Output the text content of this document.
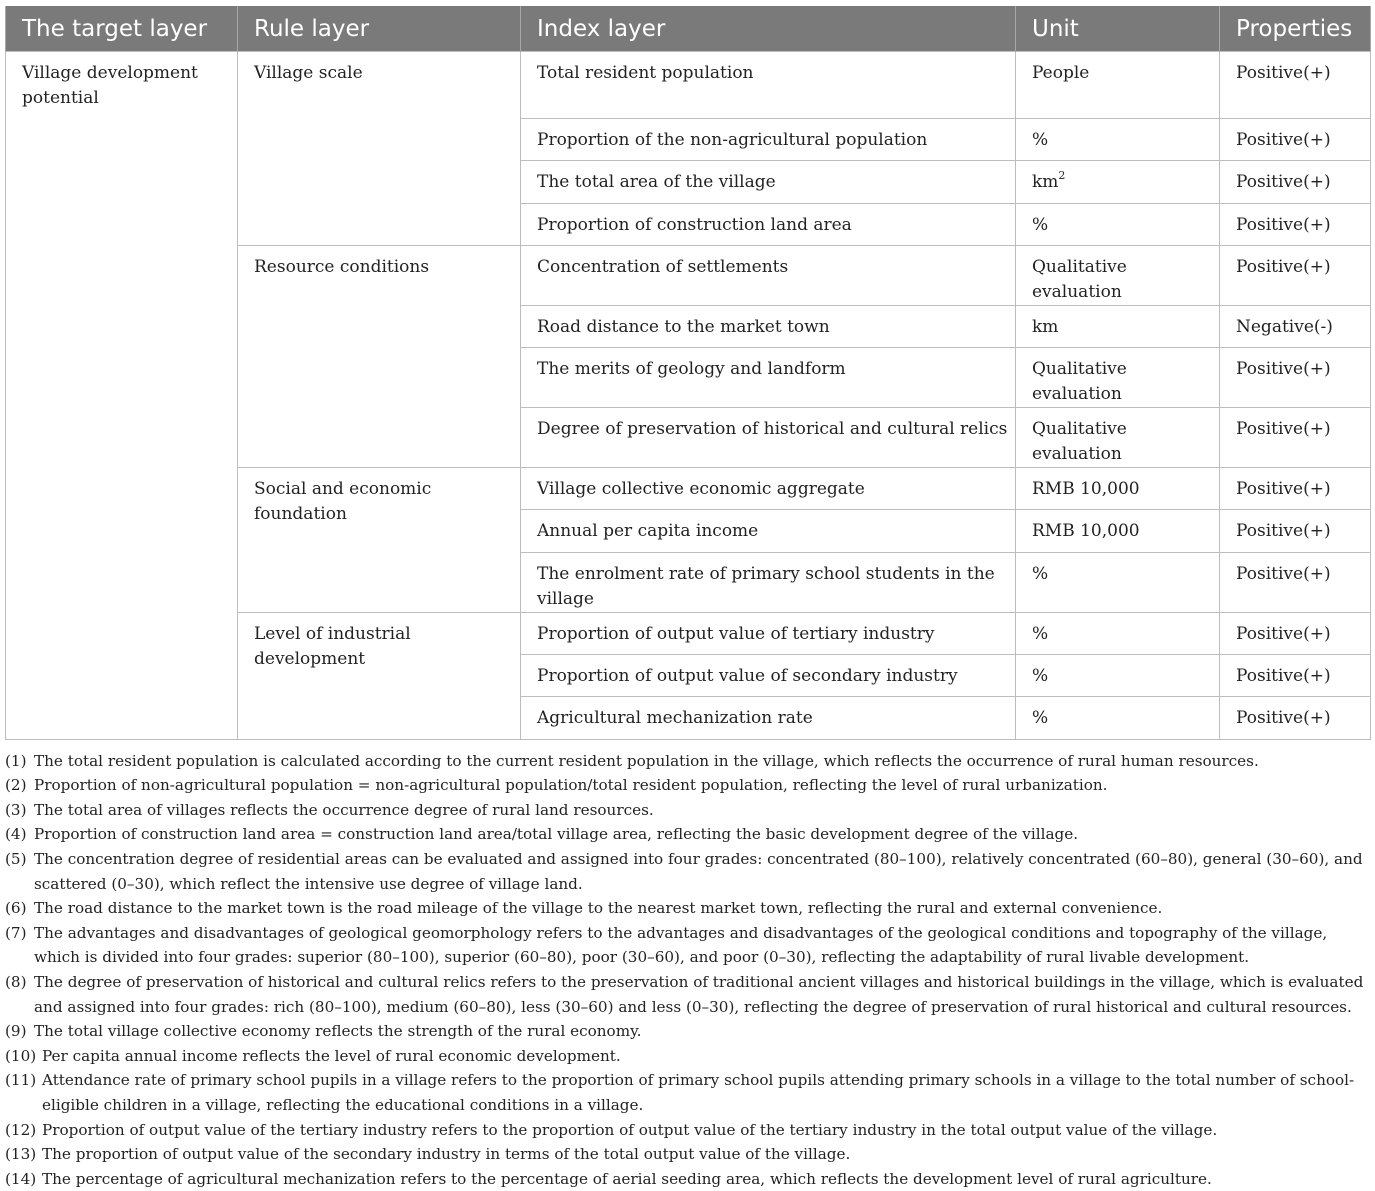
The target layer	Rule layer	Index layer	Unit	Properties
Village development potential	Village scale	Total resident population	People	Positive(+)
		Proportion of the non-agricultural population	%	Positive(+)
		The total area of the village	$km^2$	Positive(+)
		Proportion of construction land area	%	Positive(+)
	Resource conditions	Concentration of settlements	Qualitative evaluation	Positive(+)
		Road distance to the market town	km	Negative(-)
		The merits of geology and landform	Qualitative evaluation	Positive(+)
		Degree of preservation of historical and cultural relics	Qualitative evaluation	Positive(+)
	Social and economic foundation	Village collective economic aggregate	RMB 10,000	Positive(+)
		Annual per capita income	RMB 10,000	Positive(+)
		The enrolment rate of primary school students in the village	%	Positive(+)
	Level of industrial development	Proportion of output value of tertiary industry	%	Positive(+)
		Proportion of output value of secondary industry	%	Positive(+)
		Agricultural mechanization rate	%	Positive(+)
(1) The total resident population is calculated according to the current resident population in the village, which reflects the occurrence of rural human resources.
(2) Proportion of non-agricultural population = non-agricultural population/total resident population, reflecting the level of rural urbanization.
(3) The total area of villages reflects the occurrence degree of rural land resources.
(4) Proportion of construction land area = construction land area/total village area, reflecting the basic development degree of the village.
(5) The concentration degree of residential areas can be evaluated and assigned into four grades: concentrated (80–100), relatively concentrated (60–80), general (30–60), and scattered (0–30), which reflect the intensive use degree of village land.
(6) The road distance to the market town is the road mileage of the village to the nearest market town, reflecting the rural and external convenience.
(7) The advantages and disadvantages of geological geomorphology refers to the advantages and disadvantages of the geological conditions and topography of the village, which is divided into four grades: superior (80–100), superior (60–80), poor (30–60), and poor (0–30), reflecting the adaptability of rural livable development.
(8) The degree of preservation of historical and cultural relics refers to the preservation of traditional ancient villages and historical buildings in the village, which is evaluated and assigned into four grades: rich (80–100), medium (60–80), less (30–60) and less (0–30), reflecting the degree of preservation of rural historical and cultural resources.
(9) The total village collective economy reflects the strength of the rural economy.
(10) Per capita annual income reflects the level of rural economic development.
(11) Attendance rate of primary school pupils in a village refers to the proportion of primary school pupils attending primary schools in a village to the total number of school-eligible children in a village, reflecting the educational conditions in a village.
(12) Proportion of output value of the tertiary industry refers to the proportion of output value of the tertiary industry in the total output value of the village.
(13) The proportion of output value of the secondary industry in terms of the total output value of the village.
(14) The percentage of agricultural mechanization refers to the percentage of aerial seeding area, which reflects the development level of rural agriculture.
